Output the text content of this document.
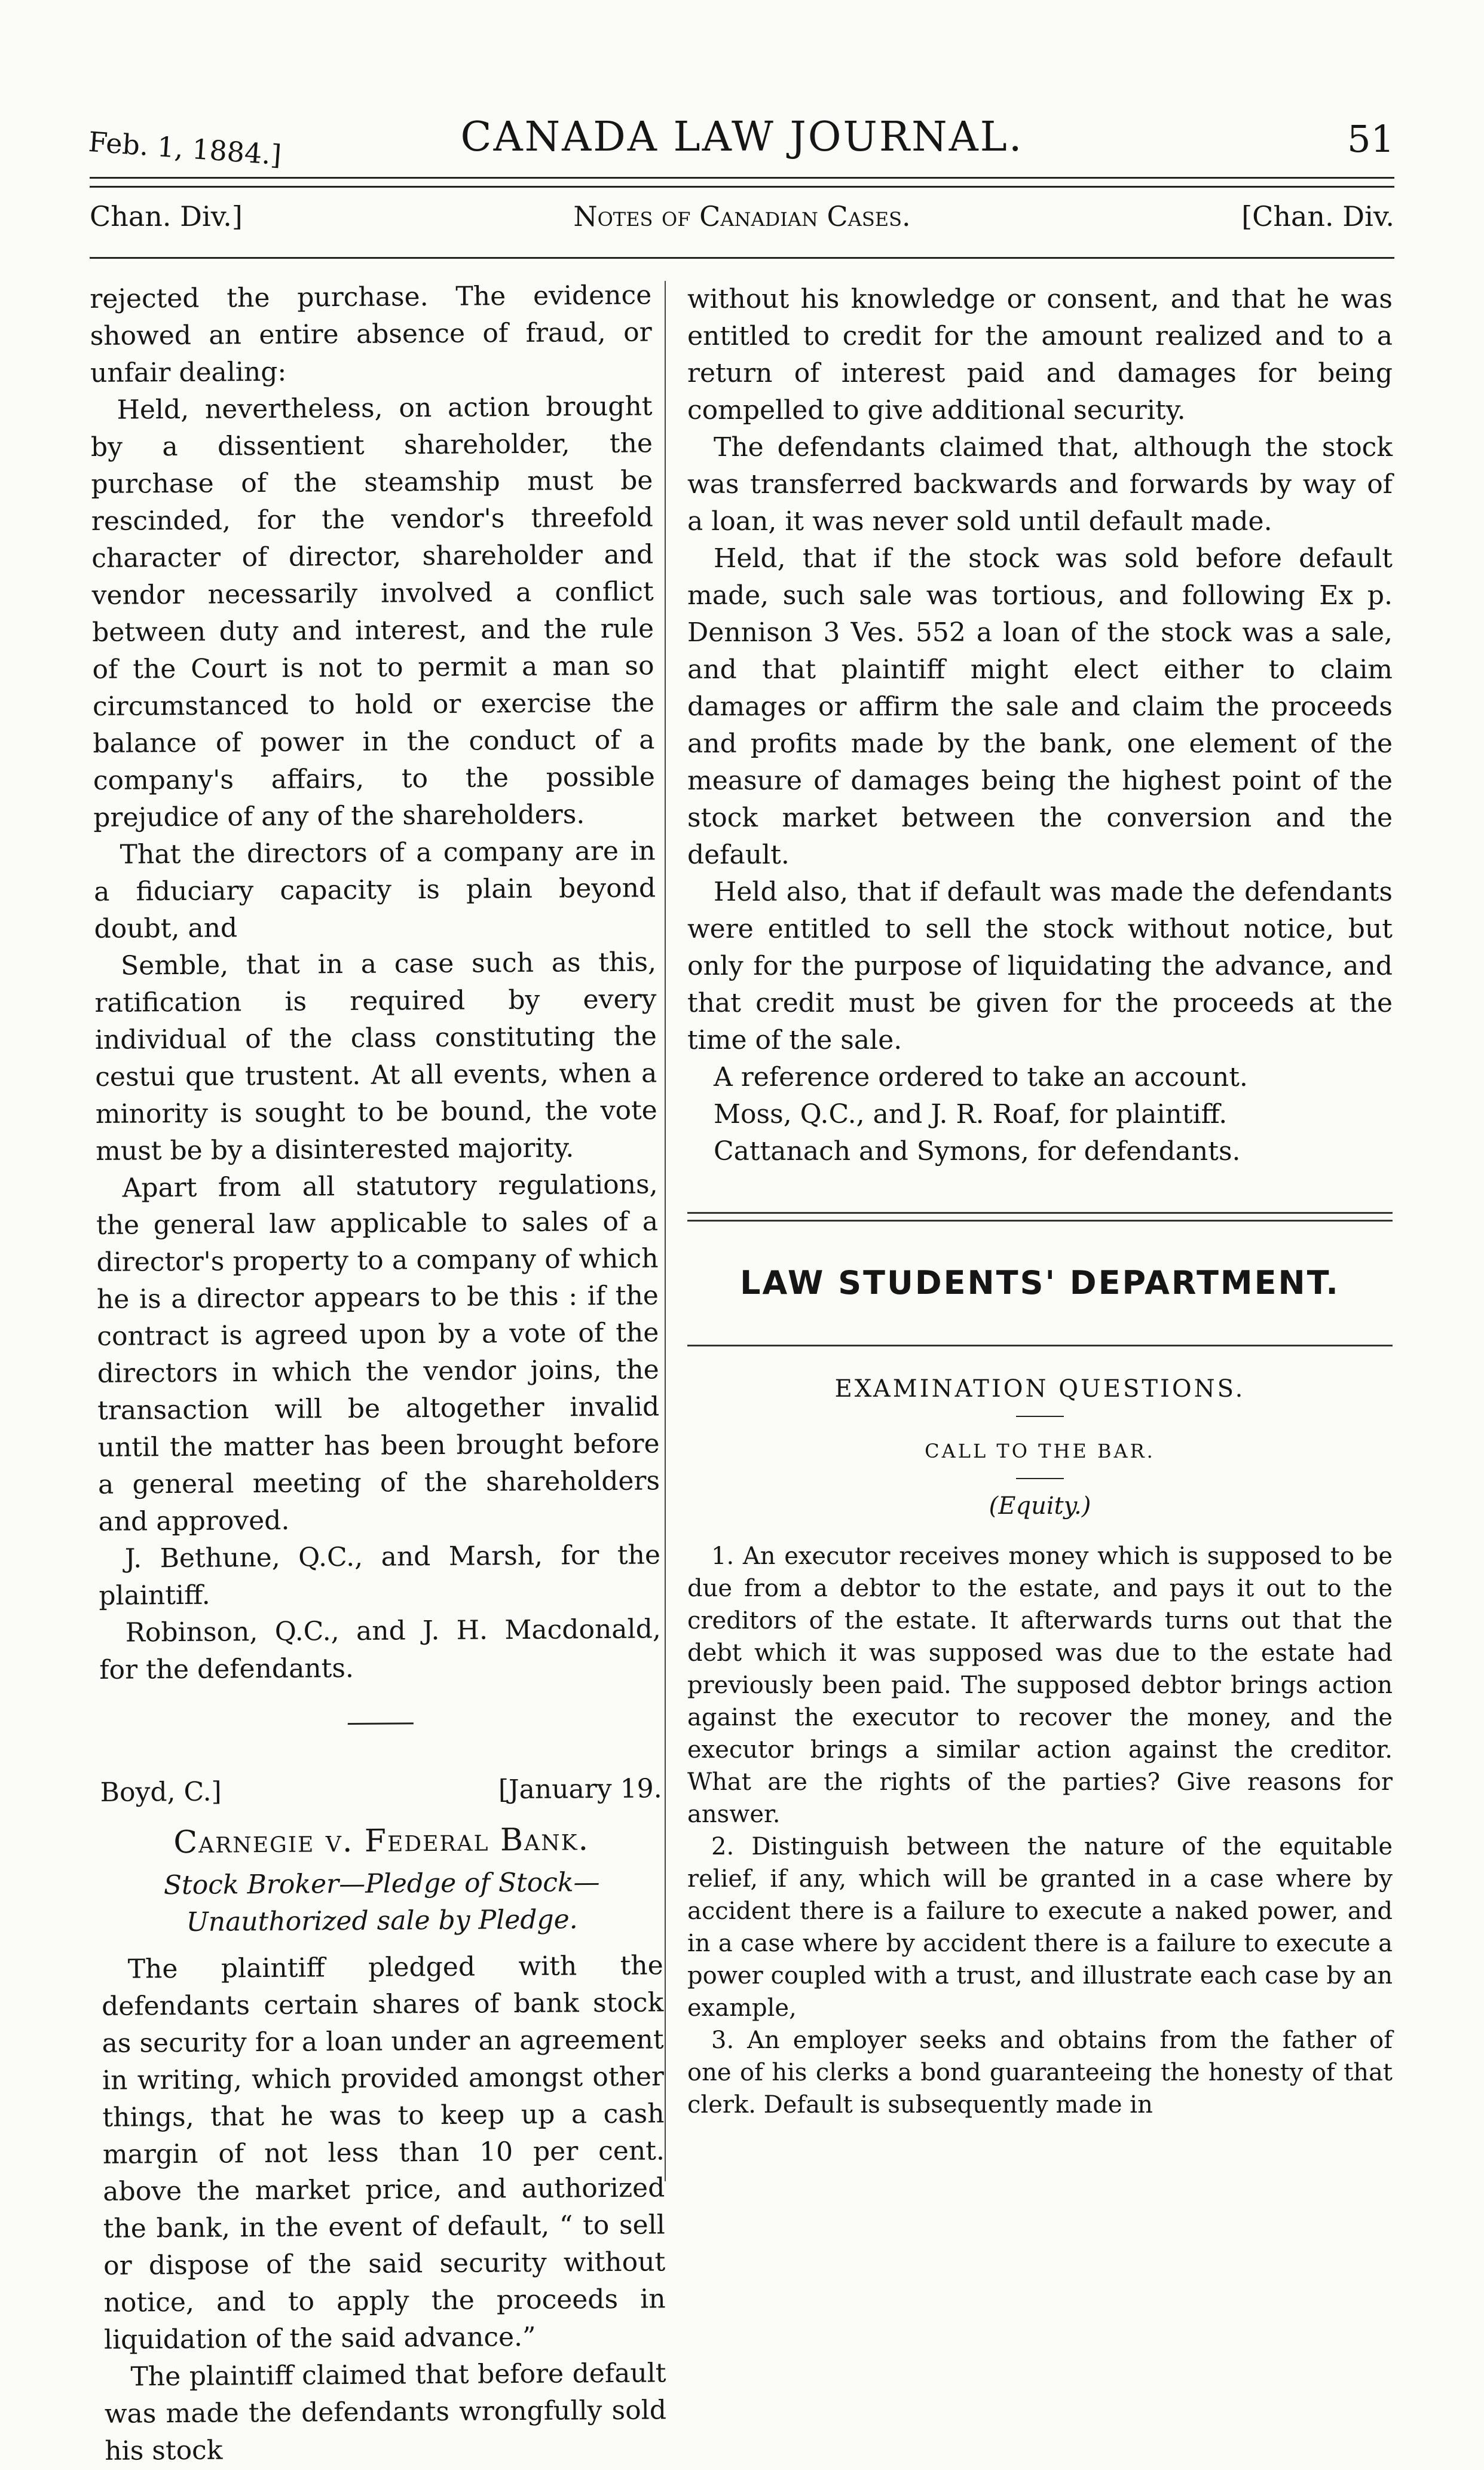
Feb. 1, 1884.]	CANADA LAW JOURNAL.	51
Chan. Div.]	Notes of Canadian Cases.	[Chan. Div.

rejected the purchase. The evidence showed an entire absence of fraud, or unfair dealing:

Held, nevertheless, on action brought by a dissentient shareholder, the purchase of the steamship must be rescinded, for the vendor's threefold character of director, shareholder and vendor necessarily involved a conflict between duty and interest, and the rule of the Court is not to permit a man so circumstanced to hold or exercise the balance of power in the conduct of a company's affairs, to the possible prejudice of any of the shareholders.

That the directors of a company are in a fiduciary capacity is plain beyond doubt, and

Semble, that in a case such as this, ratification is required by every individual of the class constituting the cestui que trustent. At all events, when a minority is sought to be bound, the vote must be by a disinterested majority.

Apart from all statutory regulations, the general law applicable to sales of a director's property to a company of which he is a director appears to be this : if the contract is agreed upon by a vote of the directors in which the vendor joins, the transaction will be altogether invalid until the matter has been brought before a general meeting of the shareholders and approved.

J. Bethune, Q.C., and Marsh, for the plaintiff.

Robinson, Q.C., and J. H. Macdonald, for the defendants.

Boyd, C.]	[January 19.
Carnegie v. Federal Bank.
Stock Broker—Pledge of Stock—Unauthorized sale by Pledge.

The plaintiff pledged with the defendants certain shares of bank stock as security for a loan under an agreement in writing, which provided amongst other things, that he was to keep up a cash margin of not less than 10 per cent. above the market price, and authorized the bank, in the event of default, “ to sell or dispose of the said security without notice, and to apply the proceeds in liquidation of the said advance.”

The plaintiff claimed that before default was made the defendants wrongfully sold his stock

without his knowledge or consent, and that he was entitled to credit for the amount realized and to a return of interest paid and damages for being compelled to give additional security.

The defendants claimed that, although the stock was transferred backwards and forwards by way of a loan, it was never sold until default made.

Held, that if the stock was sold before default made, such sale was tortious, and following Ex p. Dennison 3 Ves. 552 a loan of the stock was a sale, and that plaintiff might elect either to claim damages or affirm the sale and claim the proceeds and profits made by the bank, one element of the measure of damages being the highest point of the stock market between the conversion and the default.

Held also, that if default was made the defendants were entitled to sell the stock without notice, but only for the purpose of liquidating the advance, and that credit must be given for the proceeds at the time of the sale.

A reference ordered to take an account.

Moss, Q.C., and J. R. Roaf, for plaintiff.

Cattanach and Symons, for defendants.

LAW STUDENTS' DEPARTMENT.
EXAMINATION QUESTIONS.
CALL TO THE BAR.
(Equity.)

1. An executor receives money which is supposed to be due from a debtor to the estate, and pays it out to the creditors of the estate. It afterwards turns out that the debt which it was supposed was due to the estate had previously been paid. The supposed debtor brings action against the executor to recover the money, and the executor brings a similar action against the creditor. What are the rights of the parties? Give reasons for answer.

2. Distinguish between the nature of the equitable relief, if any, which will be granted in a case where by accident there is a failure to execute a naked power, and in a case where by accident there is a failure to execute a power coupled with a trust, and illustrate each case by an example,

3. An employer seeks and obtains from the father of one of his clerks a bond guaranteeing the honesty of that clerk. Default is subsequently made in
